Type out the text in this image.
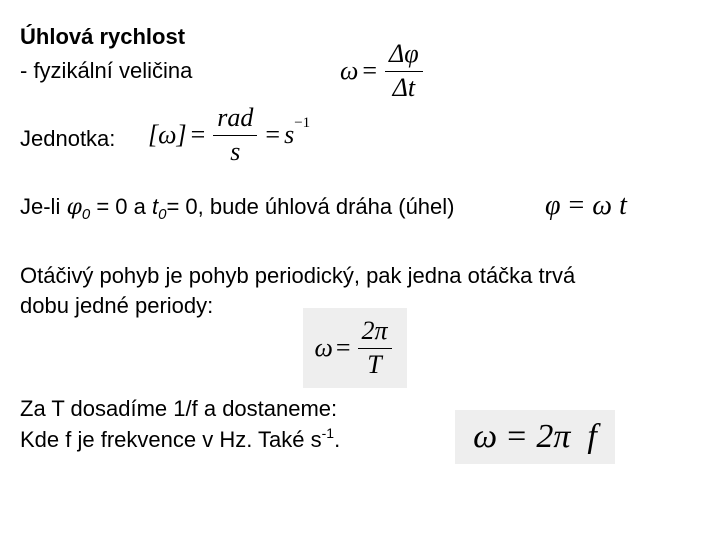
Úhlová rychlost
- fyzikální veličina	$\omega = \frac{\Delta\varphi}{\Delta t}$
Jednotka: $[\omega] = \frac{\text{rad}}{s} = s -1$
Je-li $\varphi_0 = 0$ a $t_0= 0$, bude úhlová dráha (úhel)	φ = ω t
Otáčivý pohyb je pohyb periodický, pak jedna otáčka trvá
dobu jedné periody:
$\omega = \frac{2\pi}{T}$
Za T dosadíme 1/f a dostaneme:
Kde f je frekvence v Hz. Také $s^{-1}$.	ω = 2π  f
